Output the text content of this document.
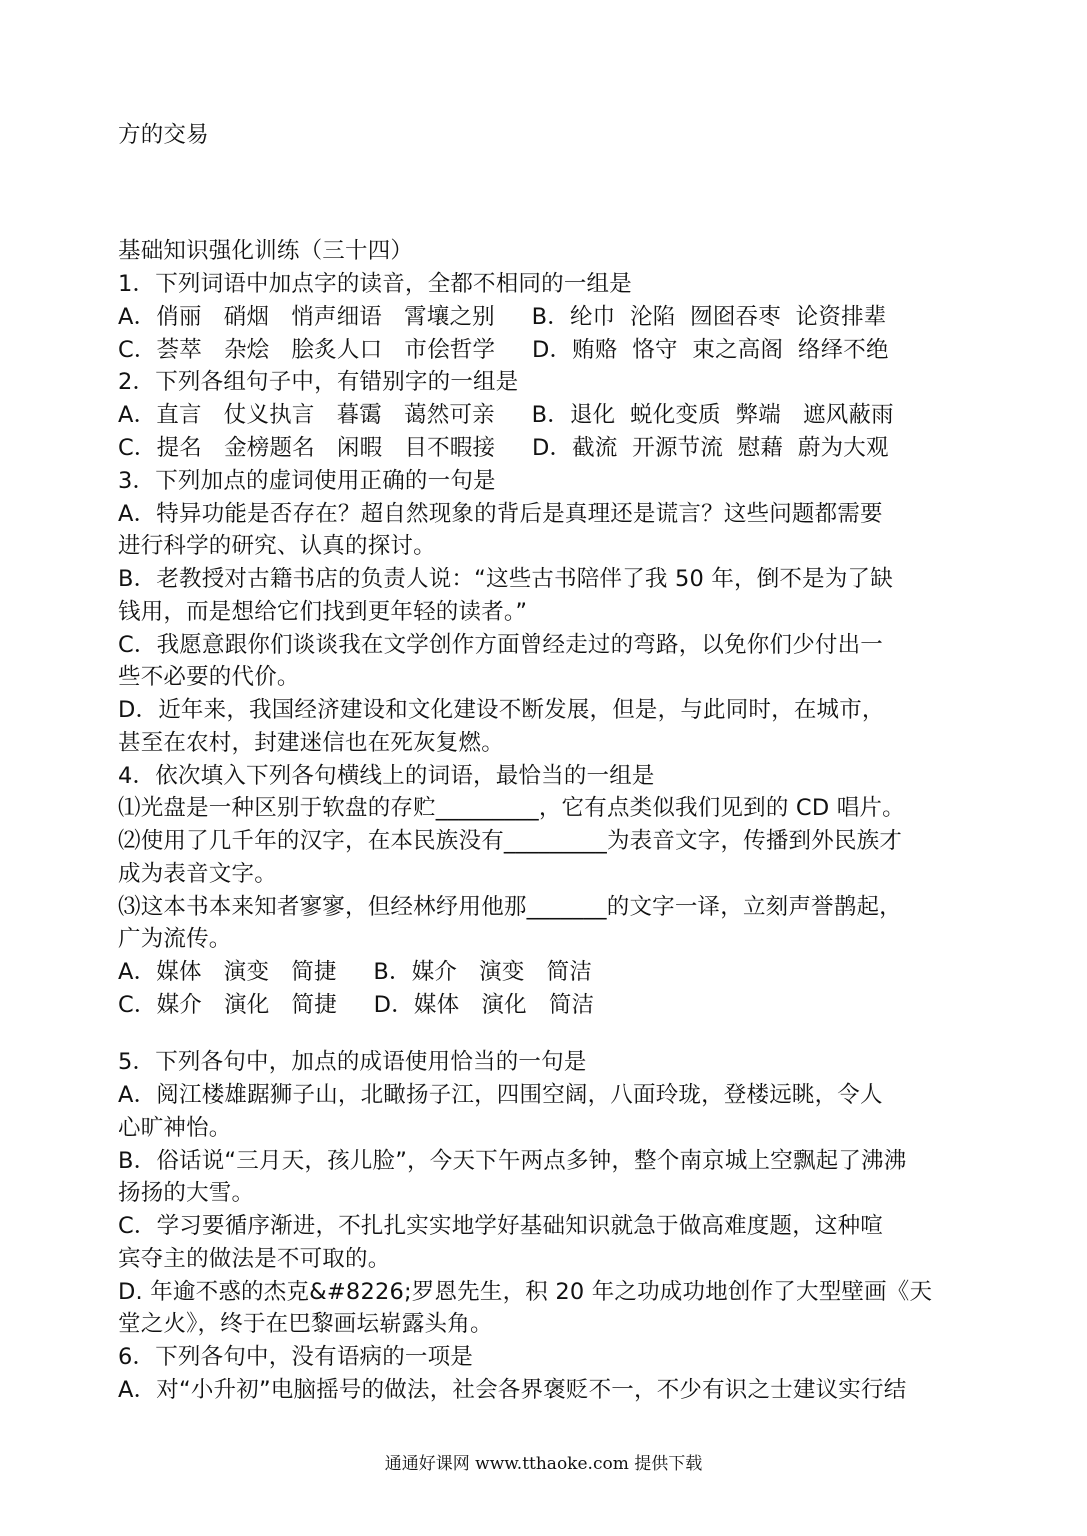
方的交易
基础知识强化训练（三十四）
1．下列词语中加点字的读音，全都不相同的一组是
A．俏丽   硝烟   悄声细语   霄壤之别     B．纶巾  沦陷  囫囵吞枣  论资排辈
C．荟萃   杂烩   脍炙人口   市侩哲学     D．贿赂  恪守  束之高阁  络绎不绝
2．下列各组句子中，有错别字的一组是
A．直言   仗义执言   暮霭   蔼然可亲     B．退化  蜕化变质  弊端   遮风蔽雨
C．提名   金榜题名   闲暇   目不暇接     D．截流  开源节流  慰藉  蔚为大观
3．下列加点的虚词使用正确的一句是
A．特异功能是否存在？超自然现象的背后是真理还是谎言？这些问题都需要
进行科学的研究、认真的探讨。
B．老教授对古籍书店的负责人说：“这些古书陪伴了我 50 年，倒不是为了缺
钱用，而是想给它们找到更年轻的读者。”
C．我愿意跟你们谈谈我在文学创作方面曾经走过的弯路，以免你们少付出一
些不必要的代价。
D．近年来，我国经济建设和文化建设不断发展，但是，与此同时，在城市，
甚至在农村，封建迷信也在死灰复燃。
4．依次填入下列各句横线上的词语，最恰当的一组是
⑴光盘是一种区别于软盘的存贮_________，它有点类似我们见到的 CD 唱片。
⑵使用了几千年的汉字，在本民族没有_________为表音文字，传播到外民族才
成为表音文字。
⑶这本书本来知者寥寥，但经林纾用他那_______的文字一译，立刻声誉鹊起，
广为流传。
A．媒体   演变   简捷     B．媒介   演变   简洁
C．媒介   演化   简捷     D．媒体   演化   简洁
5．下列各句中，加点的成语使用恰当的一句是
A．阅江楼雄踞狮子山，北瞰扬子江，四围空阔，八面玲珑，登楼远眺，令人
心旷神怡。
B．俗话说“三月天，孩儿脸”，今天下午两点多钟，整个南京城上空飘起了沸沸
扬扬的大雪。
C．学习要循序渐进，不扎扎实实地学好基础知识就急于做高难度题，这种喧
宾夺主的做法是不可取的。
D. 年逾不惑的杰克&#8226;罗恩先生，积 20 年之功成功地创作了大型壁画《天
堂之火》，终于在巴黎画坛崭露头角。
6．下列各句中，没有语病的一项是
A．对“小升初”电脑摇号的做法，社会各界褒贬不一，不少有识之士建议实行结
通通好课网 www.tthaoke.com 提供下载
